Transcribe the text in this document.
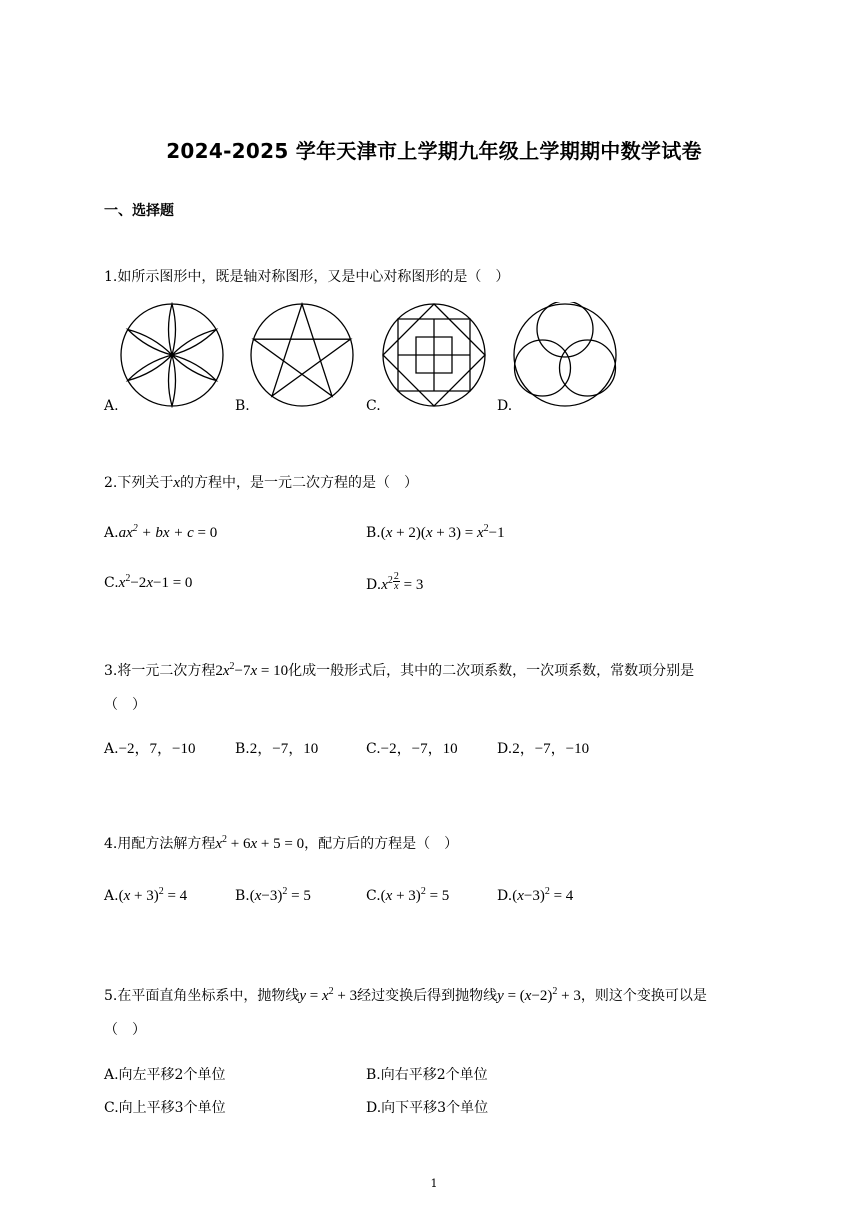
2024-2025 学年天津市上学期九年级上学期期中数学试卷
一、选择题
1.如所示图形中，既是轴对称图形，又是中心对称图形的是（　）
A.	B.	C.	D.
2.下列关于x的方程中，是一元二次方程的是（　）
$A.ax^2$ + bx + c = 0	$B.(x + 2)(x + 3) = x^2-1$
$C.x^2-2x-1 = 0$	$D.x^2 \frac{2}{x} = 3$
3.将一元二次方程$2x^2-7x = 10$化成一般形式后，其中的二次项系数，一次项系数，常数项分别是
（　）
A.−2，7，−10	B.2，−7，10	C.−2，−7，10	D.2，−7，−10
4.用配方法解方程$x^2 + 6x + 5 = 0$，配方后的方程是（　）
$A.(x + 3)^2 = 4$	$B.(x-3)^2 = 5$	$C.(x + 3)^2 = 5$	$D.(x-3)^2 = 4$
5.在平面直角坐标系中，抛物线$y = x^2 + 3$经过变换后得到抛物线$y = (x-2)^2 + 3$，则这个变换可以是
（　）
A.向左平移2个单位	B.向右平移2个单位
C.向上平移3个单位	D.向下平移3个单位
1
